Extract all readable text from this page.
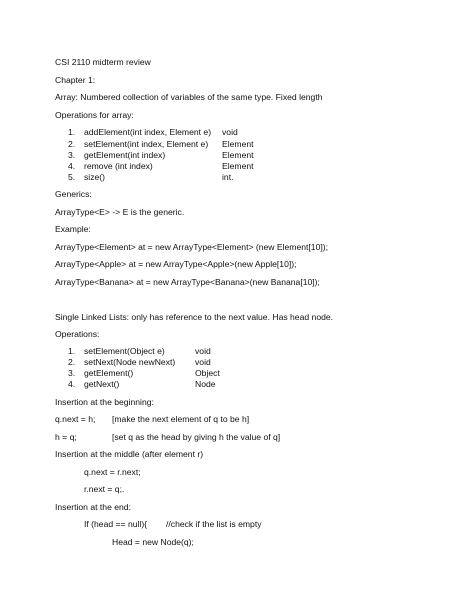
CSI 2110 midterm review
Chapter 1:
Array: Numbered collection of variables of the same type. Fixed length
Operations for array:
1. addElement(int index, Element e) void
2. setElement(int index, Element e) Element
3. getElement(int index)	Element
4. remove (int index)	Element
5. size()	int.
Generics:
ArrayType<E> -> E is the generic.
Example:
ArrayType<Element> at = new ArrayType<Element> (new Element[10]);
ArrayType<Apple> at = new ArrayType<Apple>(new Apple[10]);
ArrayType<Banana> at = new ArrayType<Banana>(new Banana[10]);
Single Linked Lists: only has reference to the next value. Has head node.
Operations:
1. setElement(Object e)	void
2. setNext(Node newNext) void
3. getElement()	Object
4. getNext()	Node
Insertion at the beginning:
q.next = h; [make the next element of q to be h]
h = q;	[set q as the head by giving h the value of q]
Insertion at the middle (after element r)
q.next = r.next;
r.next = q;.
Insertion at the end:
If (head == null){ //check if the list is empty
Head = new Node(q);
